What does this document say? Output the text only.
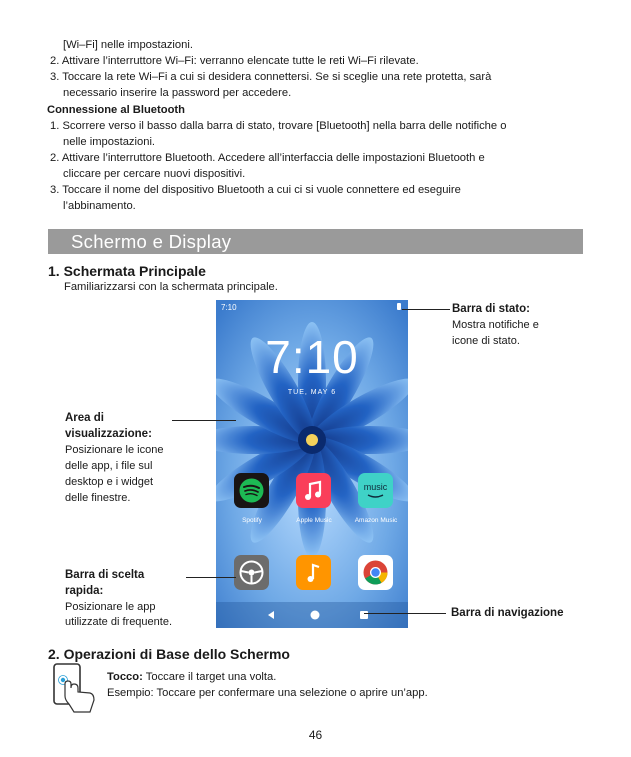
[Wi–Fi] nelle impostazioni.
2. Attivare l’interruttore Wi–Fi: verranno elencate tutte le reti Wi–Fi rilevate.
3. Toccare la rete Wi–Fi a cui si desidera connettersi. Se si sceglie una rete protetta, sarà
necessario inserire la password per accedere.
Connessione al Bluetooth
1. Scorrere verso il basso dalla barra di stato, trovare [Bluetooth] nella barra delle notifiche o
nelle impostazioni.
2. Attivare l’interruttore Bluetooth. Accedere all’interfaccia delle impostazioni Bluetooth e
cliccare per cercare nuovi dispositivi.
3. Toccare il nome del dispositivo Bluetooth a cui ci si vuole connettere ed eseguire
l’abbinamento.
Schermo e Display
1. Schermata Principale
Familiarizzarsi con la schermata principale.
7:10
7:10
TUE, MAY 6
music
Spotify	Apple Music	Amazon Music
Barra di stato:
Mostra notifiche e
icone di stato.
Barra di navigazione
Area di
visualizzazione:
Posizionare le icone
delle app, i file sul
desktop e i widget
delle finestre.
Barra di scelta
rapida:
Posizionare le app
utilizzate di frequente.
2. Operazioni di Base dello Schermo
Tocco: Toccare il target una volta.
Esempio: Toccare per confermare una selezione o aprire un’app.
46
